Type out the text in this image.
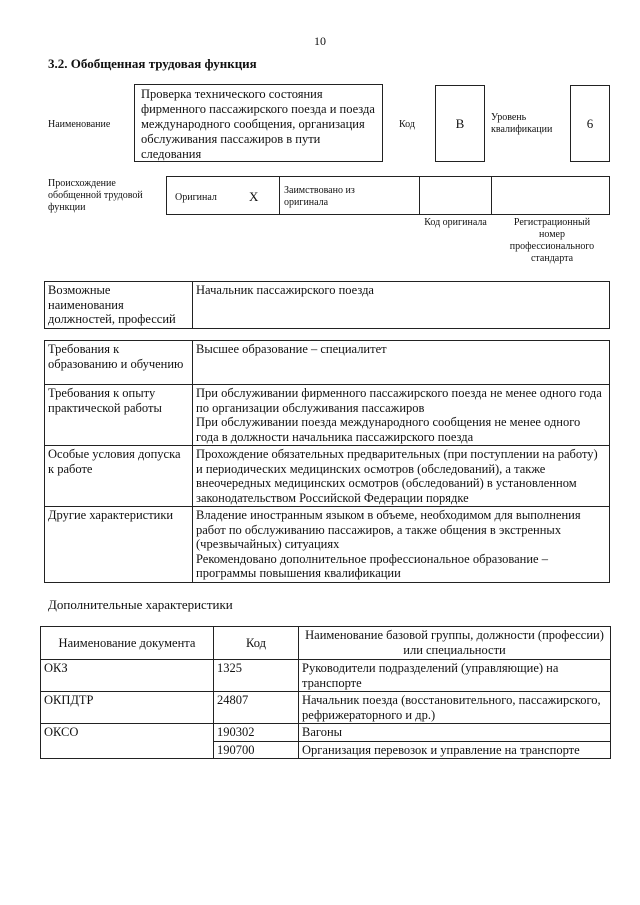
10
3.2. Обобщенная трудовая функция
Наименование
Проверка технического состояния фирменного пассажирского поезда и поезда международного сообщения, организация обслуживания пассажиров в пути следования
Код	B	Уровень квалификации	6
Происхождение обобщенной трудовой функции
Оригинал X	Заимствовано из оригинала
Код оригинала	Регистрационный номер профессионального стандарта
Возможные наименования должностей, профессий	Начальник пассажирского поезда
Требования к образованию и обучению	Высшее образование – специалитет

Требования к опыту практической работы	При обслуживании фирменного пассажирского поезда не менее одного года по организации обслуживания пассажиров
При обслуживании поезда международного сообщения не менее одного года в должности начальника пассажирского поезда

Особые условия допуска к работе	Прохождение обязательных предварительных (при поступлении на работу) и периодических медицинских осмотров (обследований), а также внеочередных медицинских осмотров (обследований) в установленном законодательством Российской Федерации порядке

Другие характеристики	Владение иностранным языком в объеме, необходимом для выполнения работ по обслуживанию пассажиров, а также общения в экстренных (чрезвычайных) ситуациях
Рекомендовано дополнительное профессиональное образование – программы повышения квалификации
Дополнительные характеристики
Наименование документа	Код	Наименование базовой группы, должности (профессии) или специальности
ОКЗ	1325	Руководители подразделений (управляющие) на транспорте
ОКПДТР	24807	Начальник поезда (восстановительного, пассажирского, рефрижераторного и др.)
ОКСО	190302	Вагоны
	190700	Организация перевозок и управление на транспорте
